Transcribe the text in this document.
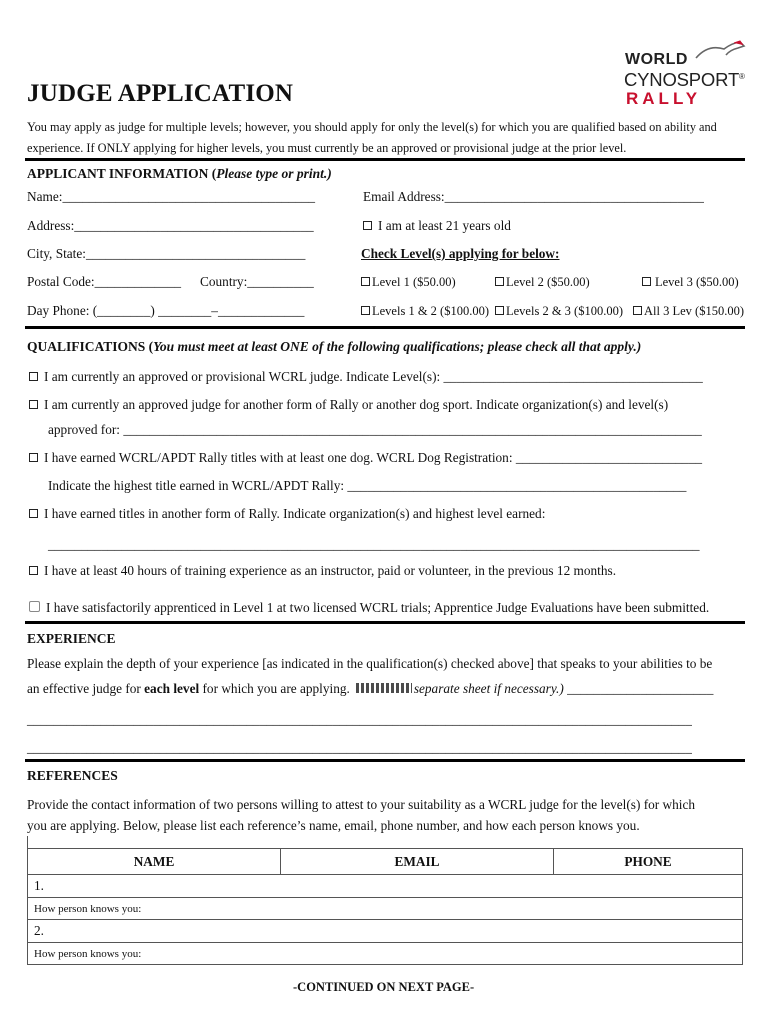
WORLD
CYNOSPORT®
RALLY
JUDGE APPLICATION
You may apply as judge for multiple levels; however, you should apply for only the level(s) for which you are qualified based on ability and
experience. If ONLY applying for higher levels, you must currently be an approved or provisional judge at the prior level.
APPLICANT INFORMATION (Please type or print.)
Name:______________________________________	Email Address:_______________________________________
Address:____________________________________	I am at least 21 years old
City, State:_________________________________	Check Level(s) applying for below:
Postal Code:_____________ Country:__________	Level 1 ($50.00)	Level 2 ($50.00)	Level 3 ($50.00)
Day Phone: (________) ________–_____________	Levels 1 & 2 ($100.00)	Levels 2 & 3 ($100.00)	All 3 Lev ($150.00)
QUALIFICATIONS (You must meet at least ONE of the following qualifications; please check all that apply.)
I am currently an approved or provisional WCRL judge. Indicate Level(s): _______________________________________
I am currently an approved judge for another form of Rally or another dog sport. Indicate organization(s) and level(s)
approved for: _______________________________________________________________________________________
I have earned WCRL/APDT Rally titles with at least one dog. WCRL Dog Registration: ____________________________
Indicate the highest title earned in WCRL/APDT Rally: ___________________________________________________
I have earned titles in another form of Rally. Indicate organization(s) and highest level earned:
__________________________________________________________________________________________________
I have at least 40 hours of training experience as an instructor, paid or volunteer, in the previous 12 months.
I have satisfactorily apprenticed in Level 1 at two licensed WCRL trials; Apprentice Judge Evaluations have been submitted.
EXPERIENCE
Please explain the depth of your experience [as indicated in the qualification(s) checked above] that speaks to your abilities to be
an effective judge for each level for which you are applying.	separate sheet if necessary.) ______________________
____________________________________________________________________________________________________
____________________________________________________________________________________________________
REFERENCES
Provide the contact information of two persons willing to attest to your suitability as a WCRL judge for the level(s) for which
you are applying. Below, please list each reference’s name, email, phone number, and how each person knows you.
NAME	EMAIL	PHONE
1.
How person knows you:
2.
How person knows you:
-CONTINUED ON NEXT PAGE-
